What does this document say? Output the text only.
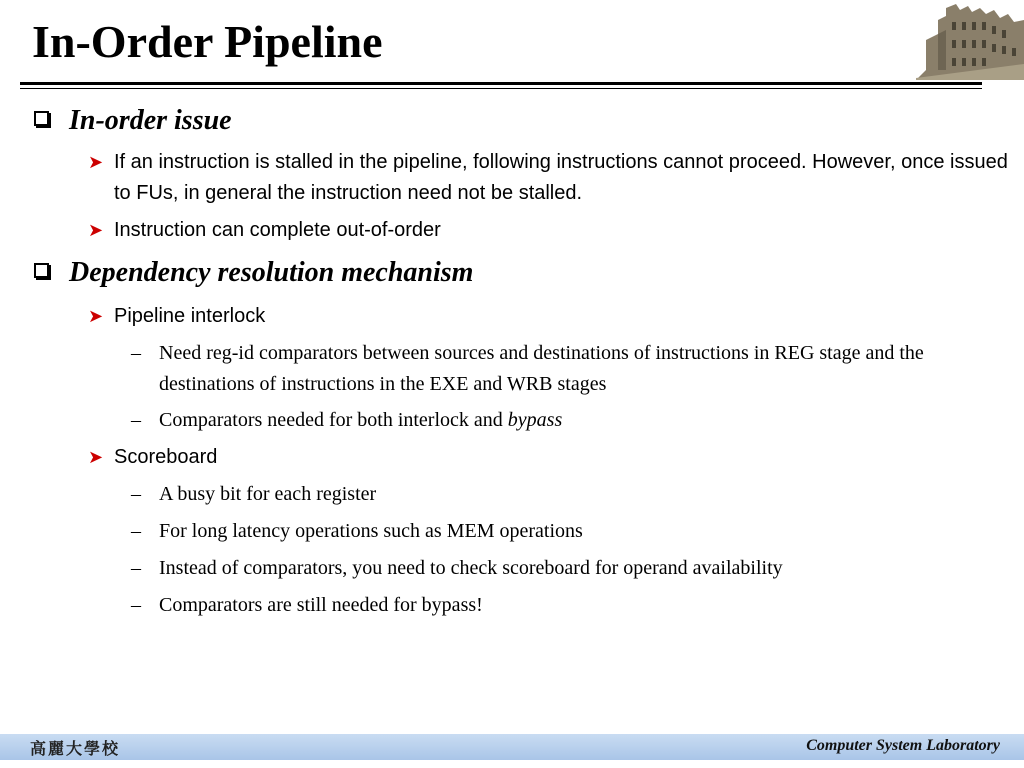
In-Order Pipeline
In-order issue
➤ If an instruction is stalled in the pipeline, following instructions cannot proceed. However, once issued to FUs, in general the instruction need not be stalled.
➤ Instruction can complete out-of-order
Dependency resolution mechanism
➤ Pipeline interlock
– Need reg-id comparators between sources and destinations of instructions in REG stage and the destinations of instructions in the EXE and WRB stages
– Comparators needed for both interlock and bypass
➤ Scoreboard
– A busy bit for each register
– For long latency operations such as MEM operations
– Instead of comparators, you need to check scoreboard for operand availability
– Comparators are still needed for bypass!
高麗大學校	Computer System Laboratory
